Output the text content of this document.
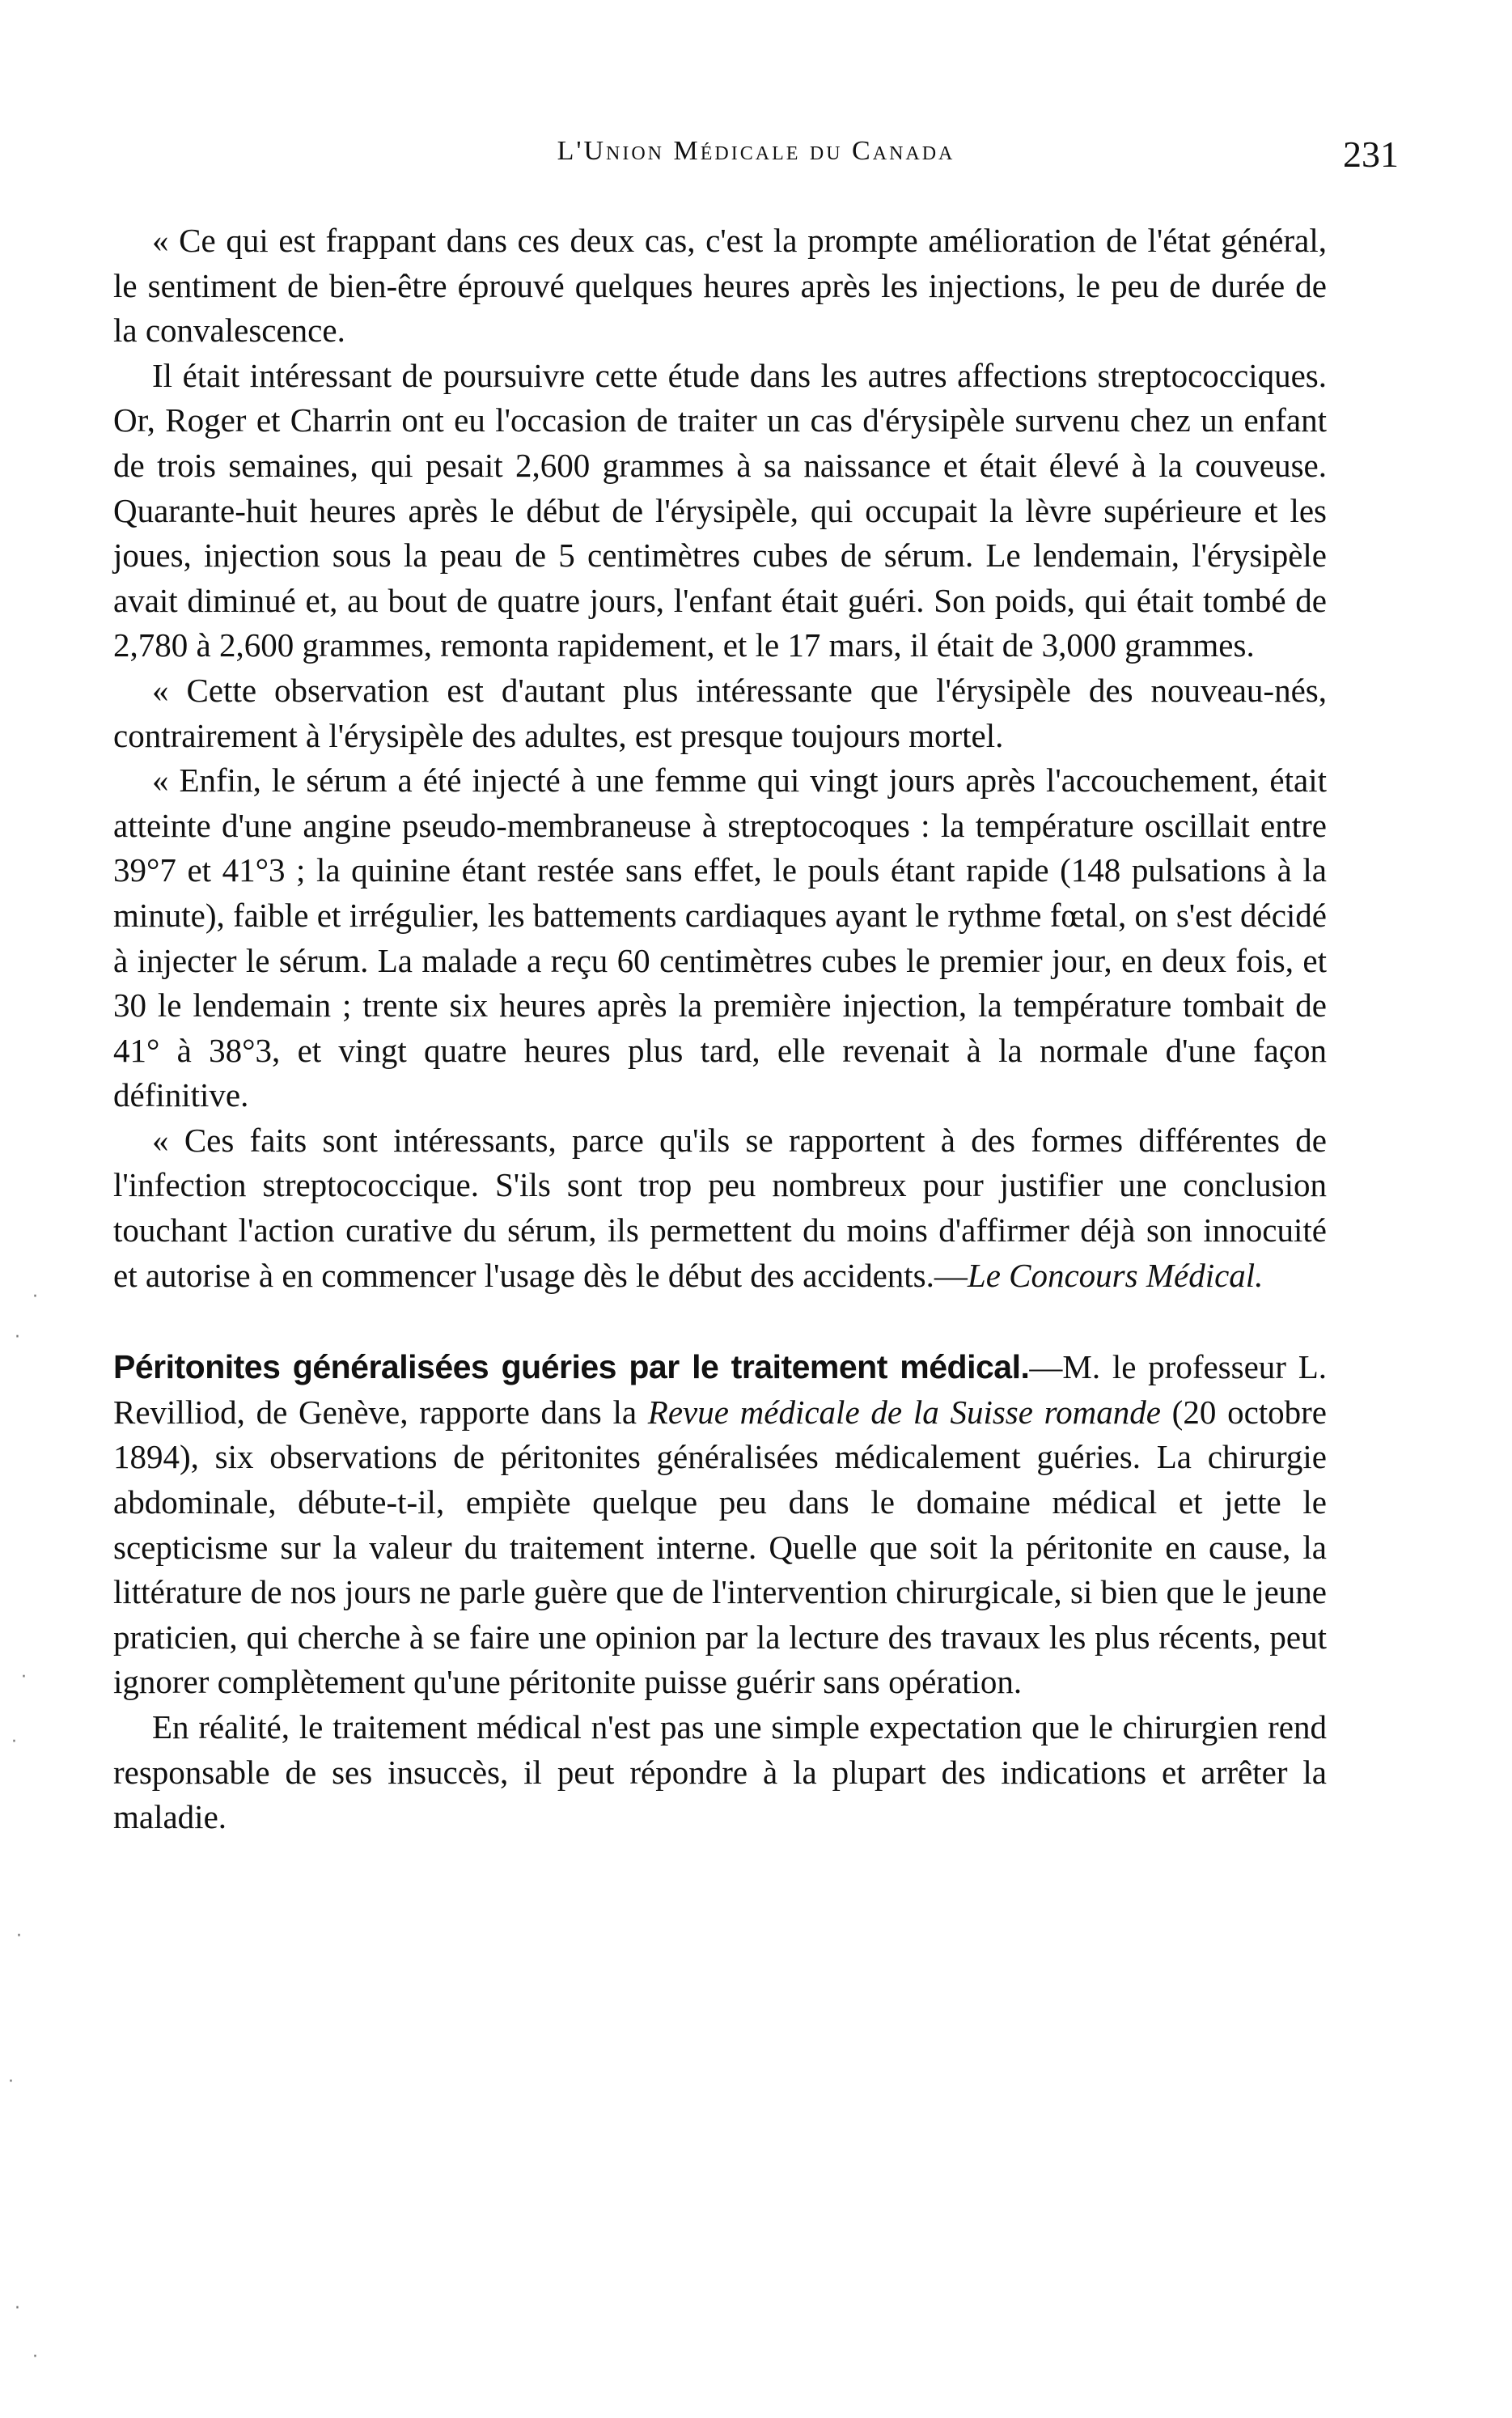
L'Union Médicale du Canada	231

« Ce qui est frappant dans ces deux cas, c'est la prompte amélioration de l'état général, le sentiment de bien-être éprouvé quelques heures après les injections, le peu de durée de la convalescence.

Il était intéressant de poursuivre cette étude dans les autres affections streptococciques. Or, Roger et Charrin ont eu l'occasion de traiter un cas d'érysipèle survenu chez un enfant de trois semaines, qui pesait 2,600 grammes à sa naissance et était élevé à la couveuse. Quarante-huit heures après le début de l'érysipèle, qui occupait la lèvre supérieure et les joues, injection sous la peau de 5 centimètres cubes de sérum. Le lendemain, l'érysipèle avait diminué et, au bout de quatre jours, l'enfant était guéri. Son poids, qui était tombé de 2,780 à 2,600 grammes, remonta rapidement, et le 17 mars, il était de 3,000 grammes.

« Cette observation est d'autant plus intéressante que l'érysipèle des nouveau-nés, contrairement à l'érysipèle des adultes, est presque toujours mortel.

« Enfin, le sérum a été injecté à une femme qui vingt jours après l'accouchement, était atteinte d'une angine pseudo-membraneuse à streptocoques : la température oscillait entre 39°7 et 41°3 ; la quinine étant restée sans effet, le pouls étant rapide (148 pulsations à la minute), faible et irrégulier, les battements cardiaques ayant le rythme fœtal, on s'est décidé à injecter le sérum. La malade a reçu 60 centimètres cubes le premier jour, en deux fois, et 30 le lendemain ; trente six heures après la première injection, la température tombait de 41° à 38°3, et vingt quatre heures plus tard, elle revenait à la normale d'une façon définitive.

« Ces faits sont intéressants, parce qu'ils se rapportent à des formes différentes de l'infection streptococcique. S'ils sont trop peu nombreux pour justifier une conclusion touchant l'action curative du sérum, ils permettent du moins d'affirmer déjà son innocuité et autorise à en commencer l'usage dès le début des accidents.—Le Concours Médical.

Péritonites généralisées guéries par le traitement médical.—M. le professeur L. Revilliod, de Genève, rapporte dans la Revue médicale de la Suisse romande (20 octobre 1894), six observations de péritonites généralisées médicalement guéries. La chirurgie abdominale, débute-t-il, empiète quelque peu dans le domaine médical et jette le scepticisme sur la valeur du traitement interne. Quelle que soit la péritonite en cause, la littérature de nos jours ne parle guère que de l'intervention chirurgicale, si bien que le jeune praticien, qui cherche à se faire une opinion par la lecture des travaux les plus récents, peut ignorer complètement qu'une péritonite puisse guérir sans opération.

En réalité, le traitement médical n'est pas une simple expectation que le chirurgien rend responsable de ses insuccès, il peut répondre à la plupart des indications et arrêter la maladie.

·
·
·
·
·
·
·
·
